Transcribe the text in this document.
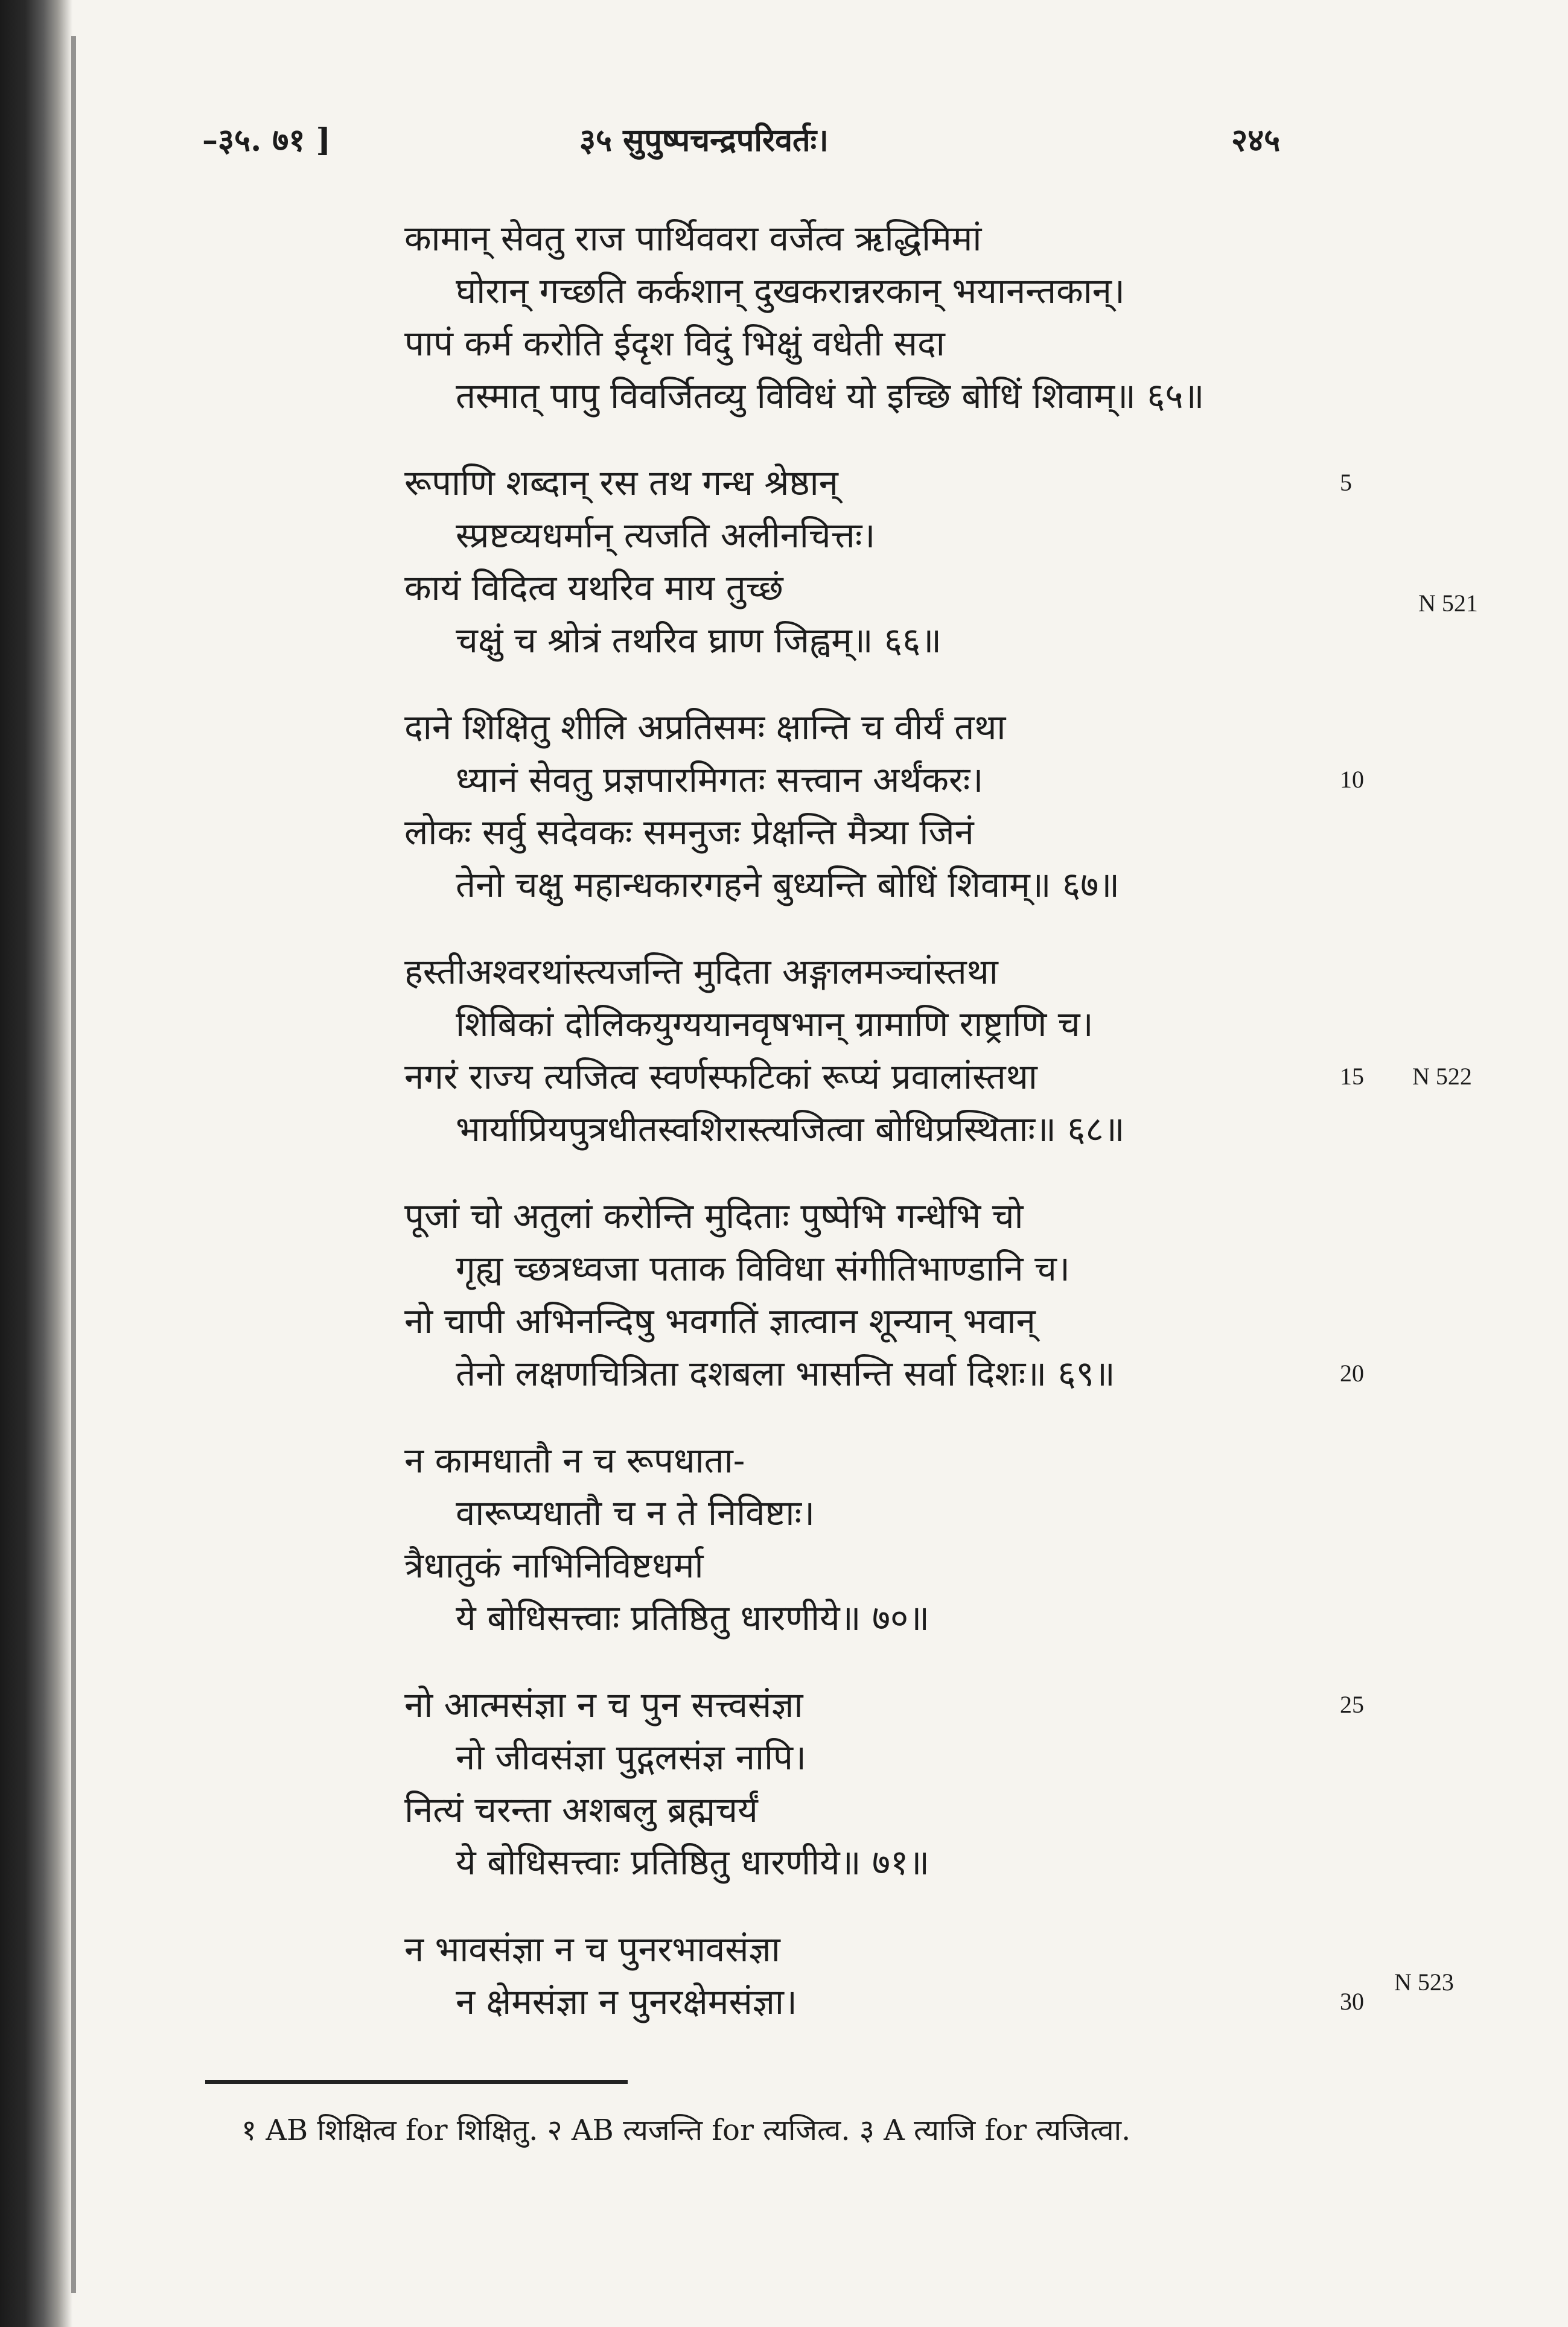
–३५. ७१ ]	३५ सुपुष्पचन्द्रपरिवर्तः।	२४५
कामान् सेवतु राज पार्थिववरा वर्जेत्व ऋद्धिमिमां
घोरान् गच्छति कर्कशान् दुखकरान्नरकान् भयानन्तकान्।
पापं कर्म करोति ईदृश विदुं भिक्षुं वधेती सदा
तस्मात् पापु विवर्जितव्यु विविधं यो इच्छि बोधिं शिवाम्॥ ६५॥
रूपाणि शब्दान् रस तथ गन्ध श्रेष्ठान्
स्प्रष्टव्यधर्मान् त्यजति अलीनचित्तः।
कायं विदित्व यथरिव माय तुच्छं
चक्षुं च श्रोत्रं तथरिव घ्राण जिह्वम्॥ ६६॥
दाने शिक्षितु शीलि अप्रतिसमः क्षान्ति च वीर्यं तथा
ध्यानं सेवतु प्रज्ञपारमिगतः सत्त्वान अर्थंकरः।
लोकः सर्वु सदेवकः समनुजः प्रेक्षन्ति मैत्र्या जिनं
तेनो चक्षु महान्धकारगहने बुध्यन्ति बोधिं शिवाम्॥ ६७॥
हस्तीअश्वरथांस्त्यजन्ति मुदिता अङ्गालमञ्चांस्तथा
शिबिकां दोलिकयुग्ययानवृषभान् ग्रामाणि राष्ट्राणि च।
नगरं राज्य त्यजित्व स्वर्णस्फटिकां रूप्यं प्रवालांस्तथा
भार्याप्रियपुत्रधीतस्वशिरास्त्यजित्वा बोधिप्रस्थिताः॥ ६८॥
पूजां चो अतुलां करोन्ति मुदिताः पुष्पेभि गन्धेभि चो
गृह्य च्छत्रध्वजा पताक विविधा संगीतिभाण्डानि च।
नो चापी अभिनन्दिषु भवगतिं ज्ञात्वान शून्यान् भवान्
तेनो लक्षणचित्रिता दशबला भासन्ति सर्वा दिशः॥ ६९॥
न कामधातौ न च रूपधाता-
वारूप्यधातौ च न ते निविष्टाः।
त्रैधातुकं नाभिनिविष्टधर्मा
ये बोधिसत्त्वाः प्रतिष्ठितु धारणीये॥ ७०॥
नो आत्मसंज्ञा न च पुन सत्त्वसंज्ञा
नो जीवसंज्ञा पुद्गलसंज्ञ नापि।
नित्यं चरन्ता अशबलु ब्रह्मचर्यं
ये बोधिसत्त्वाः प्रतिष्ठितु धारणीये॥ ७१॥
न भावसंज्ञा न च पुनरभावसंज्ञा
न क्षेमसंज्ञा न पुनरक्षेमसंज्ञा।
5
10
15
20
25
30
N 521
N 522
N 523
१ AB शिक्षित्व for शिक्षितु. २ AB त्यजन्ति for त्यजित्व. ३ A त्याजि for त्यजित्वा.
